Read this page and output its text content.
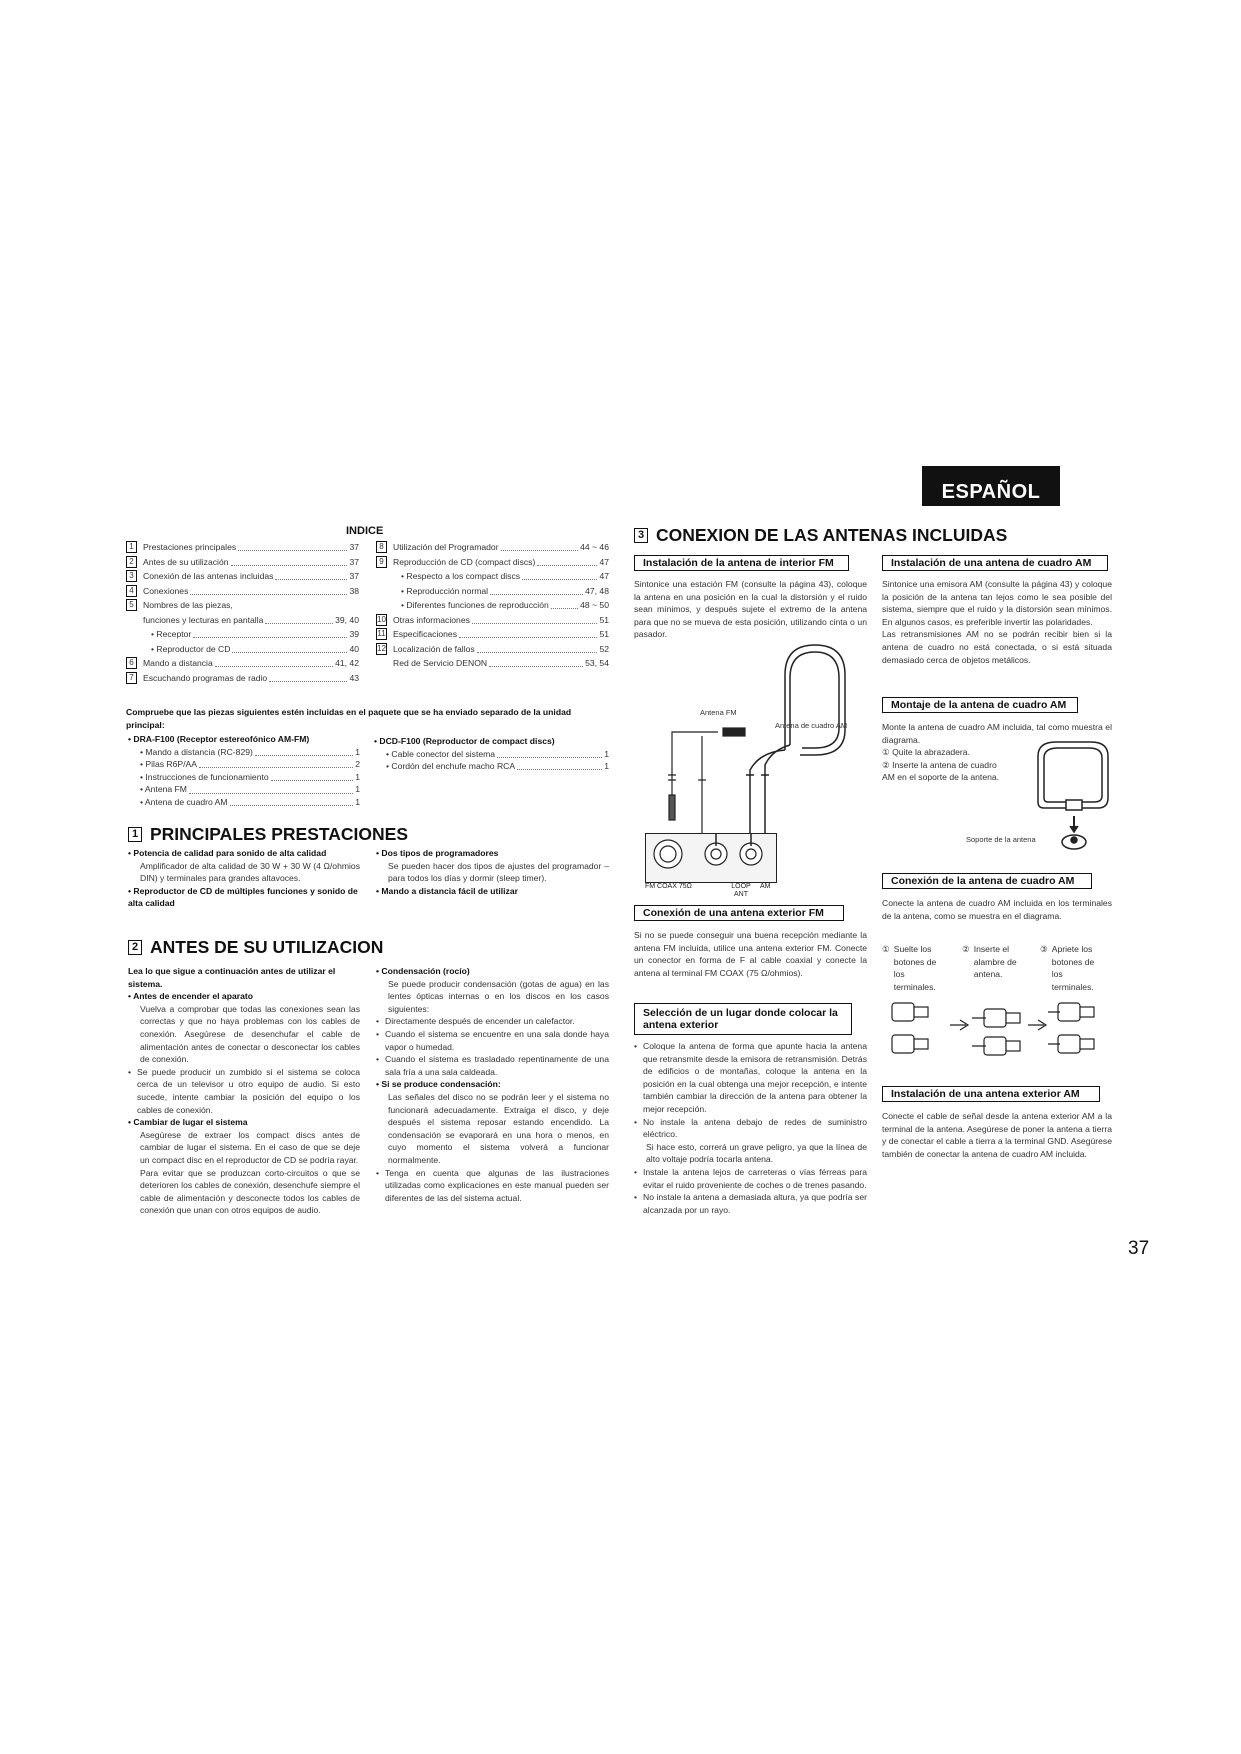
ESPAÑOL
INDICE
1	Prestaciones principales	37
2	Antes de su utilización	37
3	Conexión de las antenas incluidas	37
4	Conexiones	38
5	Nombres de las piezas,
funciones y lecturas en pantalla	39, 40
• Receptor	39
• Reproductor de CD	40
6	Mando a distancia	41, 42
7	Escuchando programas de radio	43
8	Utilización del Programador	44 ~ 46
9	Reproducción de CD (compact discs)	47
• Respecto a los compact discs	47
• Reproducción normal	47, 48
• Diferentes funciones de reproducción	48 ~ 50
10 Otras informaciones	51
11 Especificaciones	51
12 Localización de fallos	52
Red de Servicio DENON	53, 54
Compruebe que las piezas siguientes estén incluidas en el paquete que se ha enviado separado de la unidad principal:
• DRA-F100 (Receptor estereofónico AM-FM)
• Mando a distancia (RC-829)	1
• Pilas R6P/AA	2
• Instrucciones de funcionamiento	1
• Antena FM	1
• Antena de cuadro AM	1
• DCD-F100 (Reproductor de compact discs)
• Cable conector del sistema	1
• Cordón del enchufe macho RCA	1
1 PRINCIPALES PRESTACIONES
• Potencia de calidad para sonido de alta calidad
Amplificador de alta calidad de 30 W + 30 W (4 Ω/ohmios DIN) y terminales para grandes altavoces.
• Reproductor de CD de múltiples funciones y sonido de alta calidad
• Dos tipos de programadores
Se pueden hacer dos tipos de ajustes del programador – para todos los días y dormir (sleep timer).
• Mando a distancia fácil de utilizar
2 ANTES DE SU UTILIZACION
Lea lo que sigue a continuación antes de utilizar el sistema.
• Antes de encender el aparato
Vuelva a comprobar que todas las conexiones sean las correctas y que no haya problemas con los cables de conexión. Asegúrese de desenchufar el cable de alimentación antes de conectar o desconectar los cables de conexión.
• Se puede producir un zumbido si el sistema se coloca cerca de un televisor u otro equipo de audio. Si esto sucede, intente cambiar la posición del equipo o los cables de conexión.
• Cambiar de lugar el sistema
Asegúrese de extraer los compact discs antes de cambiar de lugar el sistema. En el caso de que se deje un compact disc en el reproductor de CD se podría rayar.
Para evitar que se produzcan corto-circuitos o que se deterioren los cables de conexión, desenchufe siempre el cable de alimentación y desconecte todos los cables de conexión que unan con otros equipos de audio.
• Condensación (rocío)
Se puede producir condensación (gotas de agua) en las lentes ópticas internas o en los discos en los casos siguientes:
• Directamente después de encender un calefactor.
• Cuando el sistema se encuentre en una sala donde haya vapor o humedad.
• Cuando el sistema es trasladado repentinamente de una sala fría a una sala caldeada.
• Si se produce condensación:
Las señales del disco no se podrán leer y el sistema no funcionará adecuadamente. Extraiga el disco, y deje después el sistema reposar estando encendido. La condensación se evaporará en una hora o menos, en cuyo momento el sistema volverá a funcionar normalmente.
• Tenga en cuenta que algunas de las ilustraciones utilizadas como explicaciones en este manual pueden ser diferentes de las del sistema actual.
3 CONEXION DE LAS ANTENAS INCLUIDAS
Instalación de la antena de interior FM
Sintonice una estación FM (consulte la página 43), coloque la antena en una posición en la cual la distorsión y el ruido sean mínimos, y después sujete el extremo de la antena para que no se mueva de esta posición, utilizando cinta o un pasador.
Antena FM
Antena de cuadro AM
FM COAX 75Ω	LOOP ANT
AM
Instalación de una antena de cuadro AM
Sintonice una emisora AM (consulte la página 43) y coloque la posición de la antena tan lejos como le sea posible del sistema, siempre que el ruido y la distorsión sean mínimos. En algunos casos, es preferible invertir las polaridades.
Las retransmisiones AM no se podrán recibir bien si la antena de cuadro no está conectada, o si está situada demasiado cerca de objetos metálicos.
Montaje de la antena de cuadro AM
Monte la antena de cuadro AM incluida, tal como muestra el diagrama.
① Quite la abrazadera.
② Inserte la antena de cuadro AM en el soporte de la antena.
Soporte de la antena
Conexión de la antena de cuadro AM
Conecte la antena de cuadro AM incluida en los terminales de la antena, como se muestra en el diagrama.
① Suelte los botones de los terminales.
② Inserte el alambre de antena.
③ Apriete los botones de los terminales.
Conexión de una antena exterior FM
Si no se puede conseguir una buena recepción mediante la antena FM incluida, utilice una antena exterior FM. Conecte un conector en forma de F al cable coaxial y conecte la antena al terminal FM COAX (75 Ω/ohmios).
Selección de un lugar donde colocar la antena exterior
• Coloque la antena de forma que apunte hacia la antena que retransmite desde la emisora de retransmisión. Detrás de edificios o de montañas, coloque la antena en la posición en la cual obtenga una mejor recepción, e intente también cambiar la dirección de la antena para obtener la mejor recepción.
• No instale la antena debajo de redes de suministro eléctrico.
Si hace esto, correrá un grave peligro, ya que la línea de alto voltaje podría tocarla antena.
• Instale la antena lejos de carreteras o vías férreas para evitar el ruido proveniente de coches o de trenes pasando.
• No instale la antena a demasiada altura, ya que podría ser alcanzada por un rayo.
Instalación de una antena exterior AM
Conecte el cable de señal desde la antena exterior AM a la terminal de la antena. Asegúrese de poner la antena a tierra y de conectar el cable a tierra a la terminal GND. Asegúrese también de conectar la antena de cuadro AM incluida.
37
